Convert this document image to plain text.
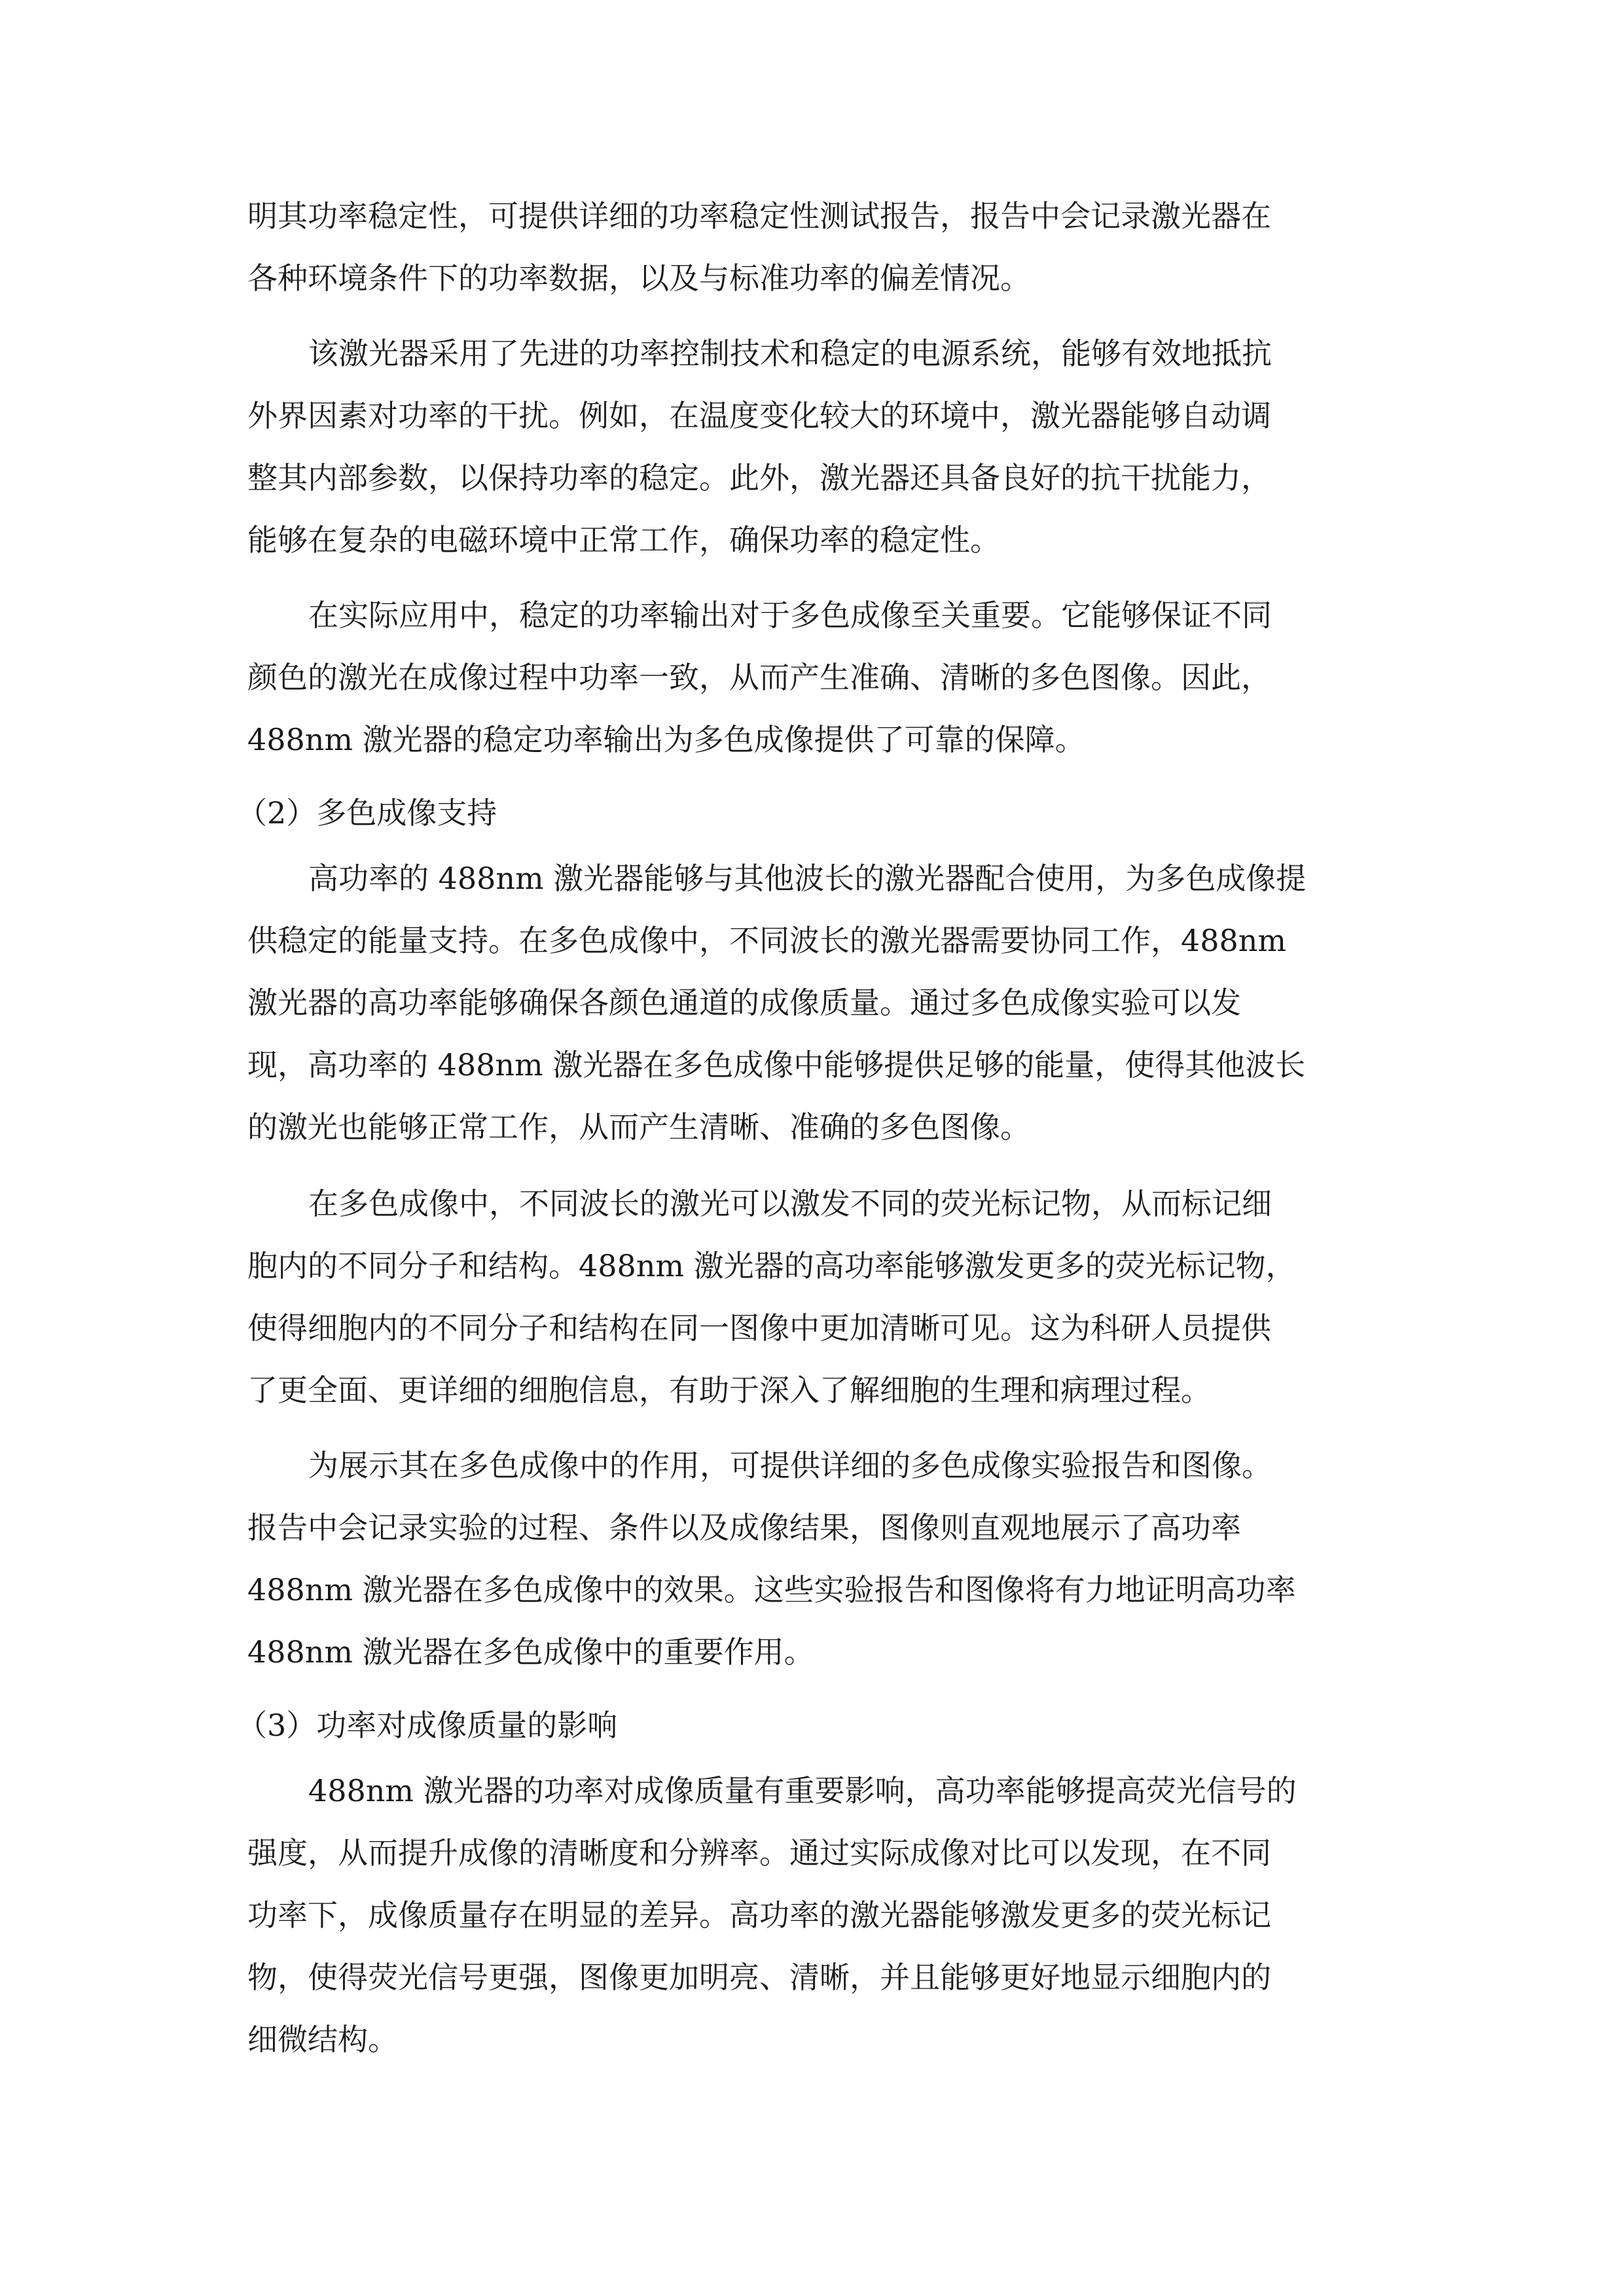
明其功率稳定性，可提供详细的功率稳定性测试报告，报告中会记录激光器在
各种环境条件下的功率数据，以及与标准功率的偏差情况。
该激光器采用了先进的功率控制技术和稳定的电源系统，能够有效地抵抗
外界因素对功率的干扰。例如，在温度变化较大的环境中，激光器能够自动调
整其内部参数，以保持功率的稳定。此外，激光器还具备良好的抗干扰能力，
能够在复杂的电磁环境中正常工作，确保功率的稳定性。
在实际应用中，稳定的功率输出对于多色成像至关重要。它能够保证不同
颜色的激光在成像过程中功率一致，从而产生准确、清晰的多色图像。因此，
488nm 激光器的稳定功率输出为多色成像提供了可靠的保障。
（2）多色成像支持
高功率的 488nm 激光器能够与其他波长的激光器配合使用，为多色成像提
供稳定的能量支持。在多色成像中，不同波长的激光器需要协同工作，488nm
激光器的高功率能够确保各颜色通道的成像质量。通过多色成像实验可以发
现，高功率的 488nm 激光器在多色成像中能够提供足够的能量，使得其他波长
的激光也能够正常工作，从而产生清晰、准确的多色图像。
在多色成像中，不同波长的激光可以激发不同的荧光标记物，从而标记细
胞内的不同分子和结构。488nm 激光器的高功率能够激发更多的荧光标记物，
使得细胞内的不同分子和结构在同一图像中更加清晰可见。这为科研人员提供
了更全面、更详细的细胞信息，有助于深入了解细胞的生理和病理过程。
为展示其在多色成像中的作用，可提供详细的多色成像实验报告和图像。
报告中会记录实验的过程、条件以及成像结果，图像则直观地展示了高功率
488nm 激光器在多色成像中的效果。这些实验报告和图像将有力地证明高功率
488nm 激光器在多色成像中的重要作用。
（3）功率对成像质量的影响
488nm 激光器的功率对成像质量有重要影响，高功率能够提高荧光信号的
强度，从而提升成像的清晰度和分辨率。通过实际成像对比可以发现，在不同
功率下，成像质量存在明显的差异。高功率的激光器能够激发更多的荧光标记
物，使得荧光信号更强，图像更加明亮、清晰，并且能够更好地显示细胞内的
细微结构。
